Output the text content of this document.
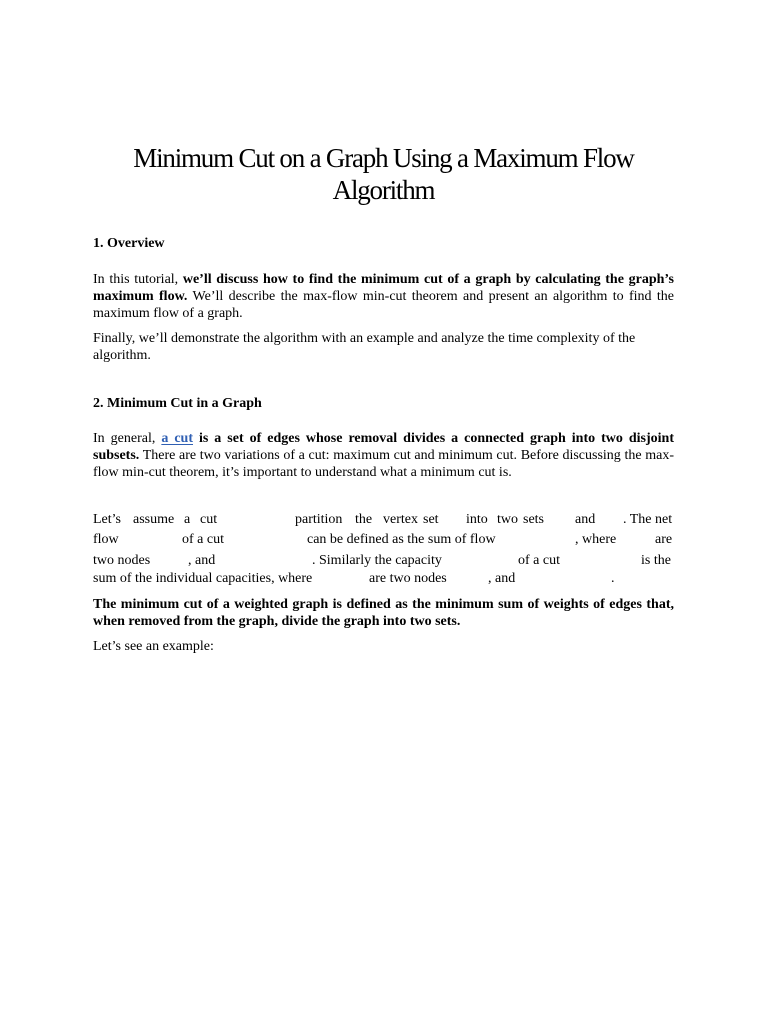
Minimum Cut on a Graph Using a Maximum Flow
Algorithm
1. Overview

In this tutorial, we’ll discuss how to find the minimum cut of a graph by calculating the graph’s maximum flow. We’ll describe the max-flow min-cut theorem and present an algorithm to find the maximum flow of a graph.

Finally, we’ll demonstrate the algorithm with an example and analyze the time complexity of the algorithm.

2. Minimum Cut in a Graph

In general, a cut is a set of edges whose removal divides a connected graph into two disjoint subsets. There are two variations of a cut: maximum cut and minimum cut. Before discussing the max-flow min-cut theorem, it’s important to understand what a minimum cut is.

Let’s assume a cut	partition the vertex set into two sets and . The net
flow	of a cut	can be defined as the sum of flow	, where	are
two nodes	, and	. Similarly the capacity	of a cut	is the
sum of the individual capacities, where	are two nodes	, and	.

The minimum cut of a weighted graph is defined as the minimum sum of weights of edges that, when removed from the graph, divide the graph into two sets.

Let’s see an example:
